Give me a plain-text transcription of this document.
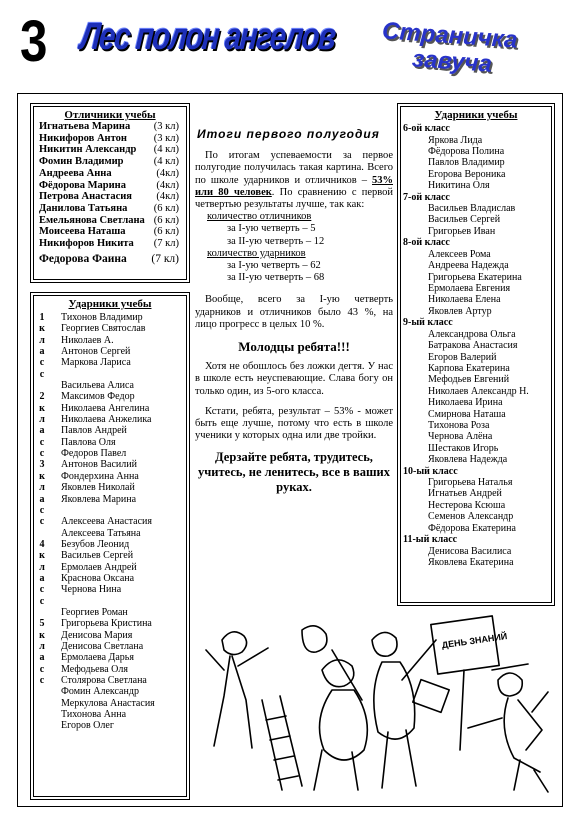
3 Лес полон ангелов Страничка
завуча
Отличники учебы
Игнатьева Марина (3 кл)
Никифоров Антон	(3 кл)
Никитин Александр (4 кл)
Фомин Владимир	(4 кл)
Андреева Анна	(4кл)
Фёдорова Марина	(4кл)
Петрова Анастасия (4кл)
Данилова Татьяна	(6 кл)
Емельянова Светлана (6 кл)
Моисеева Наташа	(6 кл)
Никифоров Никита (7 кл)
Федорова Фаина (7 кл)
Ударники учебы
1	Тихонов Владимир
к	Георгиев Святослав
л	Николаев А.
а	Антонов Сергей
с	Маркова Лариса
с
Васильева Алиса
2	Максимов Федор
к	Николаева Ангелина
л	Николаева Анжелика
а	Павлов Андрей
с	Павлова Оля
с	Федоров Павел
3	Антонов Василий
к	Фондерхина Анна
л	Яковлев Николай
а	Яковлева Марина
с
с	Алексеева Анастасия
Алексеева Татьяна
4	Безубов Леонид
к	Васильев Сергей
л	Ермолаев Андрей
а	Краснова Оксана
с	Чернова Нина
с
Георгиев Роман
5	Григорьева Кристина
к	Денисова Мария
л	Денисова Светлана
а	Ермолаева Дарья
с	Мефодьева Оля
с	Столярова Светлана
Фомин Александр
Меркулова Анастасия
Тихонова Анна
Егоров Олег
Ударники учебы
6-ой класс
Яркова Лида
Фёдорова Полина
Павлов Владимир
Егорова Вероника
Никитина Оля
7-ой класс
Васильев Владислав
Васильев Сергей
Григорьев Иван
8-ой класс
Алексеев Рома
Андреева Надежда
Григорьева Екатерина
Ермолаева Евгения
Николаева Елена
Яковлев Артур
9-ый класс
Александрова Ольга
Батракова Анастасия
Егоров Валерий
Карпова Екатерина
Мефодьев Евгений
Николаев Александр Н.
Николаева Ирина
Смирнова Наташа
Тихонова Роза
Чернова Алёна
Шестаков Игорь
Яковлева Надежда
10-ый класс
Григорьева Наталья
Игнатьев Андрей
Нестерова Ксюша
Семенов Александр
Фёдорова Екатерина
11-ый класс
Денисова Василиса
Яковлева Екатерина
Итоги первого полугодия

По итогам успеваемости за первое полугодие получилась такая картина. Всего по школе ударников и отличников – 53% или 80 человек. По сравнению с первой четвертью результаты лучше, так как:

количество отличников

за I-ую четверть – 5

за II-ую четверть – 12

количество ударников

за I-ую четверть – 62

за II-ую четверть – 68

Вообще, всего за I-ую четверть ударников и отличников было 43 %, на лицо прогресс в целых 10 %.

Молодцы ребята!!!

Хотя не обошлось без ложки дегтя. У нас в школе есть неуспевающие. Слава богу он только один, из 5-ого класса.

Кстати, ребята, результат – 53% - может быть еще лучше, потому что есть в школе ученики у которых одна или две тройки.

Дерзайте ребята, трудитесь, учитесь, не ленитесь, все в ваших руках.
ДЕНЬ ЗНАНИЙ
